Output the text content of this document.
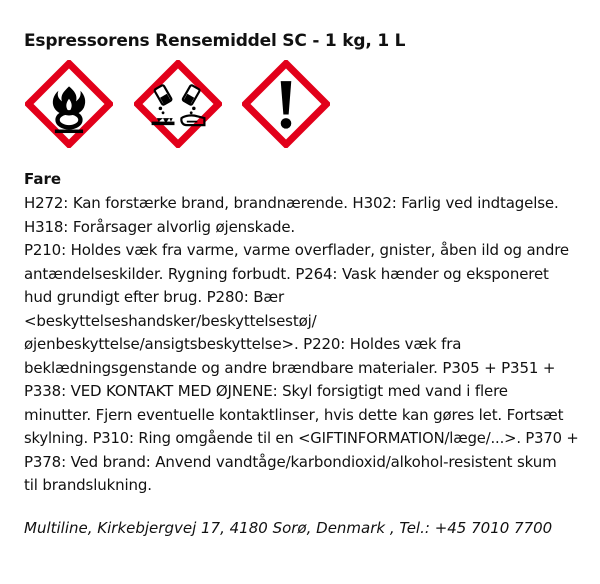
Espressorens Rensemiddel SC - 1 kg, 1 L
Fare
H272: Kan forstærke brand, brandnærende. H302: Farlig ved indtagelse.
H318: Forårsager alvorlig øjenskade.
P210: Holdes væk fra varme, varme overflader, gnister, åben ild og andre
antændelseskilder. Rygning forbudt. P264: Vask hænder og eksponeret
hud grundigt efter brug. P280: Bær
<beskyttelseshandsker/beskyttelsestøj/
øjenbeskyttelse/ansigtsbeskyttelse>. P220: Holdes væk fra
beklædningsgenstande og andre brændbare materialer. P305 + P351 +
P338: VED KONTAKT MED ØJNENE: Skyl forsigtigt med vand i flere
minutter. Fjern eventuelle kontaktlinser, hvis dette kan gøres let. Fortsæt
skylning. P310: Ring omgående til en <GIFTINFORMATION/læge/...>. P370 +
P378: Ved brand: Anvend vandtåge/karbondioxid/alkohol-resistent skum
til brandslukning.
Multiline, Kirkebjergvej 17, 4180 Sorø, Denmark , Tel.: +45 7010 7700
